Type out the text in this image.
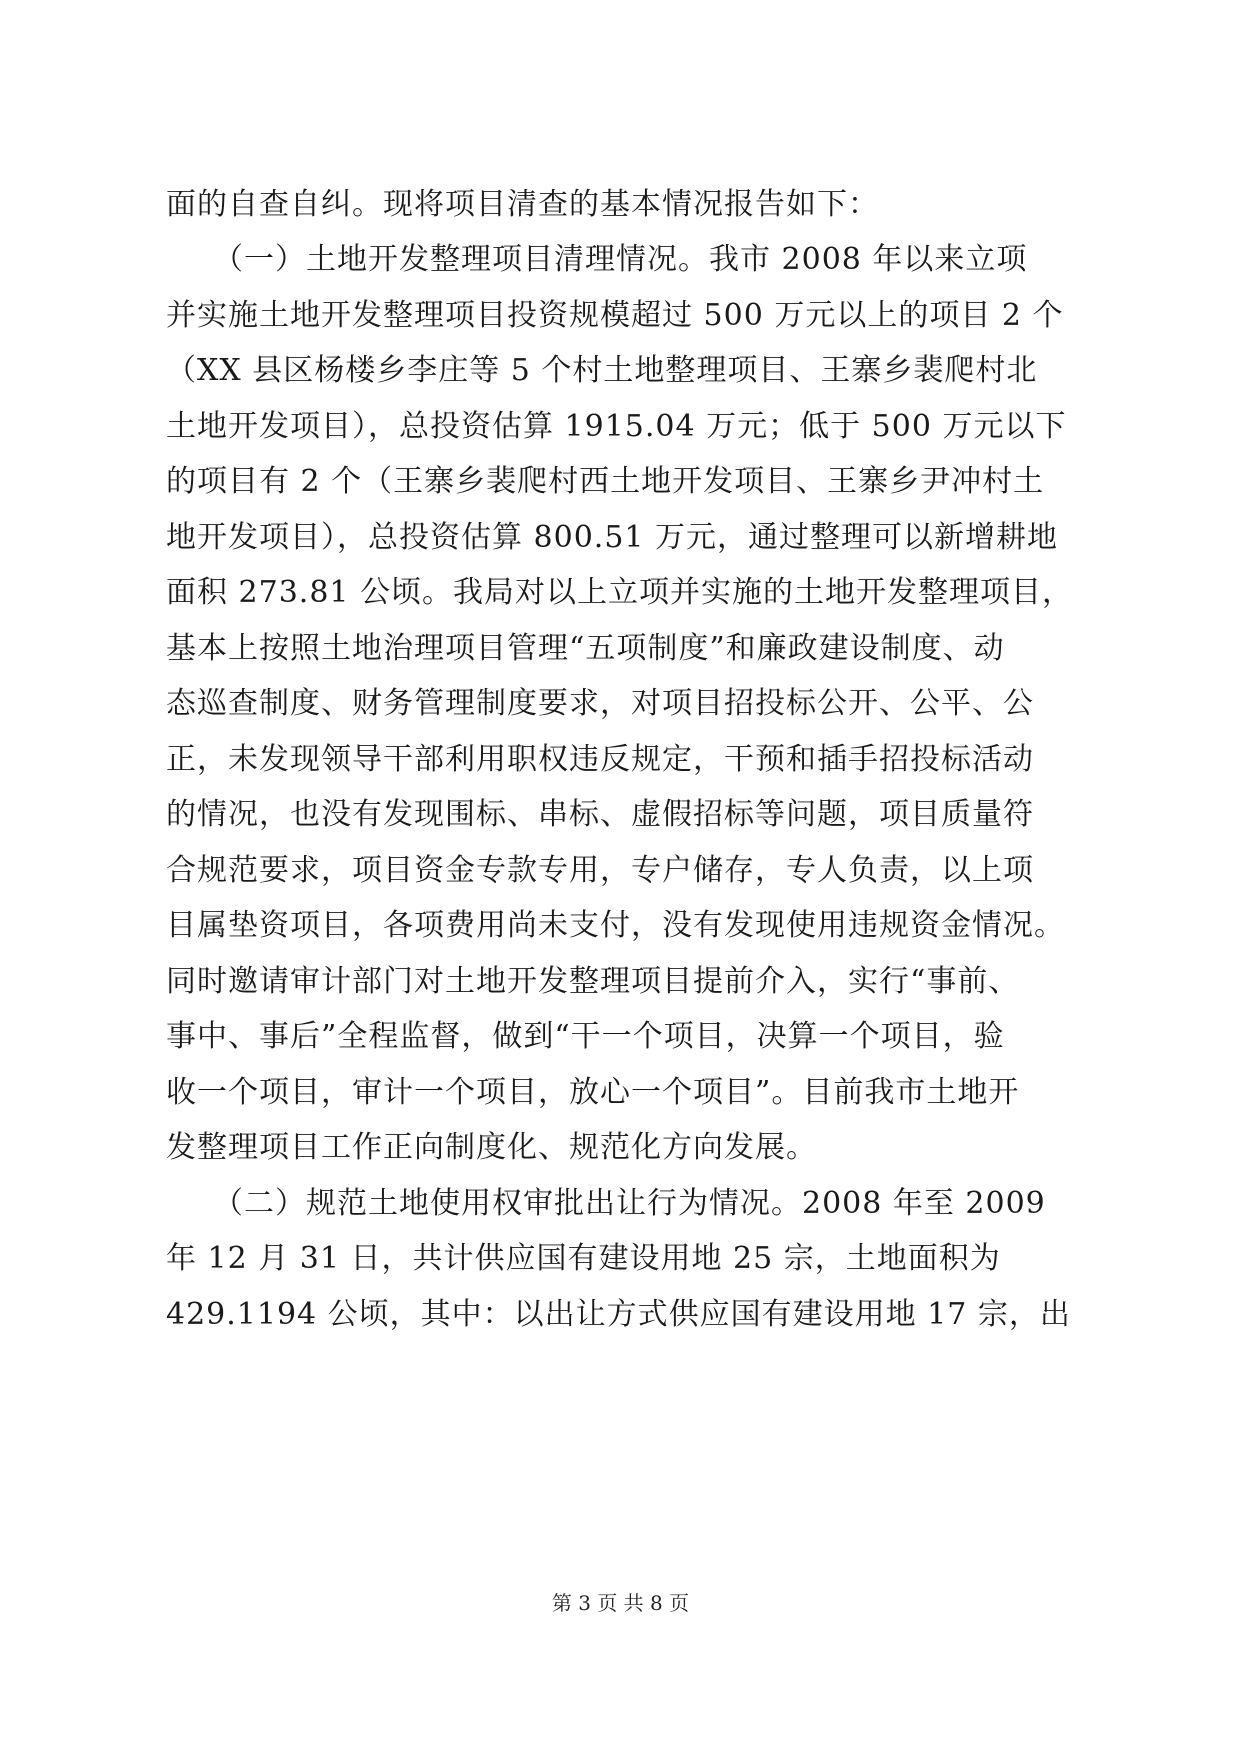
面的自查自纠。现将项目清查的基本情况报告如下：
　　（一）土地开发整理项目清理情况。我市 2008 年以来立项
并实施土地开发整理项目投资规模超过 500 万元以上的项目 2 个
（XX 县区杨楼乡李庄等 5 个村土地整理项目、王寨乡裴爬村北
土地开发项目），总投资估算 1915.04 万元；低于 500 万元以下
的项目有 2 个（王寨乡裴爬村西土地开发项目、王寨乡尹冲村土
地开发项目），总投资估算 800.51 万元，通过整理可以新增耕地
面积 273.81 公顷。我局对以上立项并实施的土地开发整理项目，
基本上按照土地治理项目管理“五项制度”和廉政建设制度、动
态巡查制度、财务管理制度要求，对项目招投标公开、公平、公
正，未发现领导干部利用职权违反规定，干预和插手招投标活动
的情况，也没有发现围标、串标、虚假招标等问题，项目质量符
合规范要求，项目资金专款专用，专户储存，专人负责，以上项
目属垫资项目，各项费用尚未支付，没有发现使用违规资金情况。
同时邀请审计部门对土地开发整理项目提前介入，实行“事前、
事中、事后”全程监督，做到“干一个项目，决算一个项目，验
收一个项目，审计一个项目，放心一个项目”。目前我市土地开
发整理项目工作正向制度化、规范化方向发展。
　　（二）规范土地使用权审批出让行为情况。2008 年至 2009
年 12 月 31 日，共计供应国有建设用地 25 宗，土地面积为
429.1194 公顷，其中：以出让方式供应国有建设用地 17 宗，出
第 3 页 共 8 页
